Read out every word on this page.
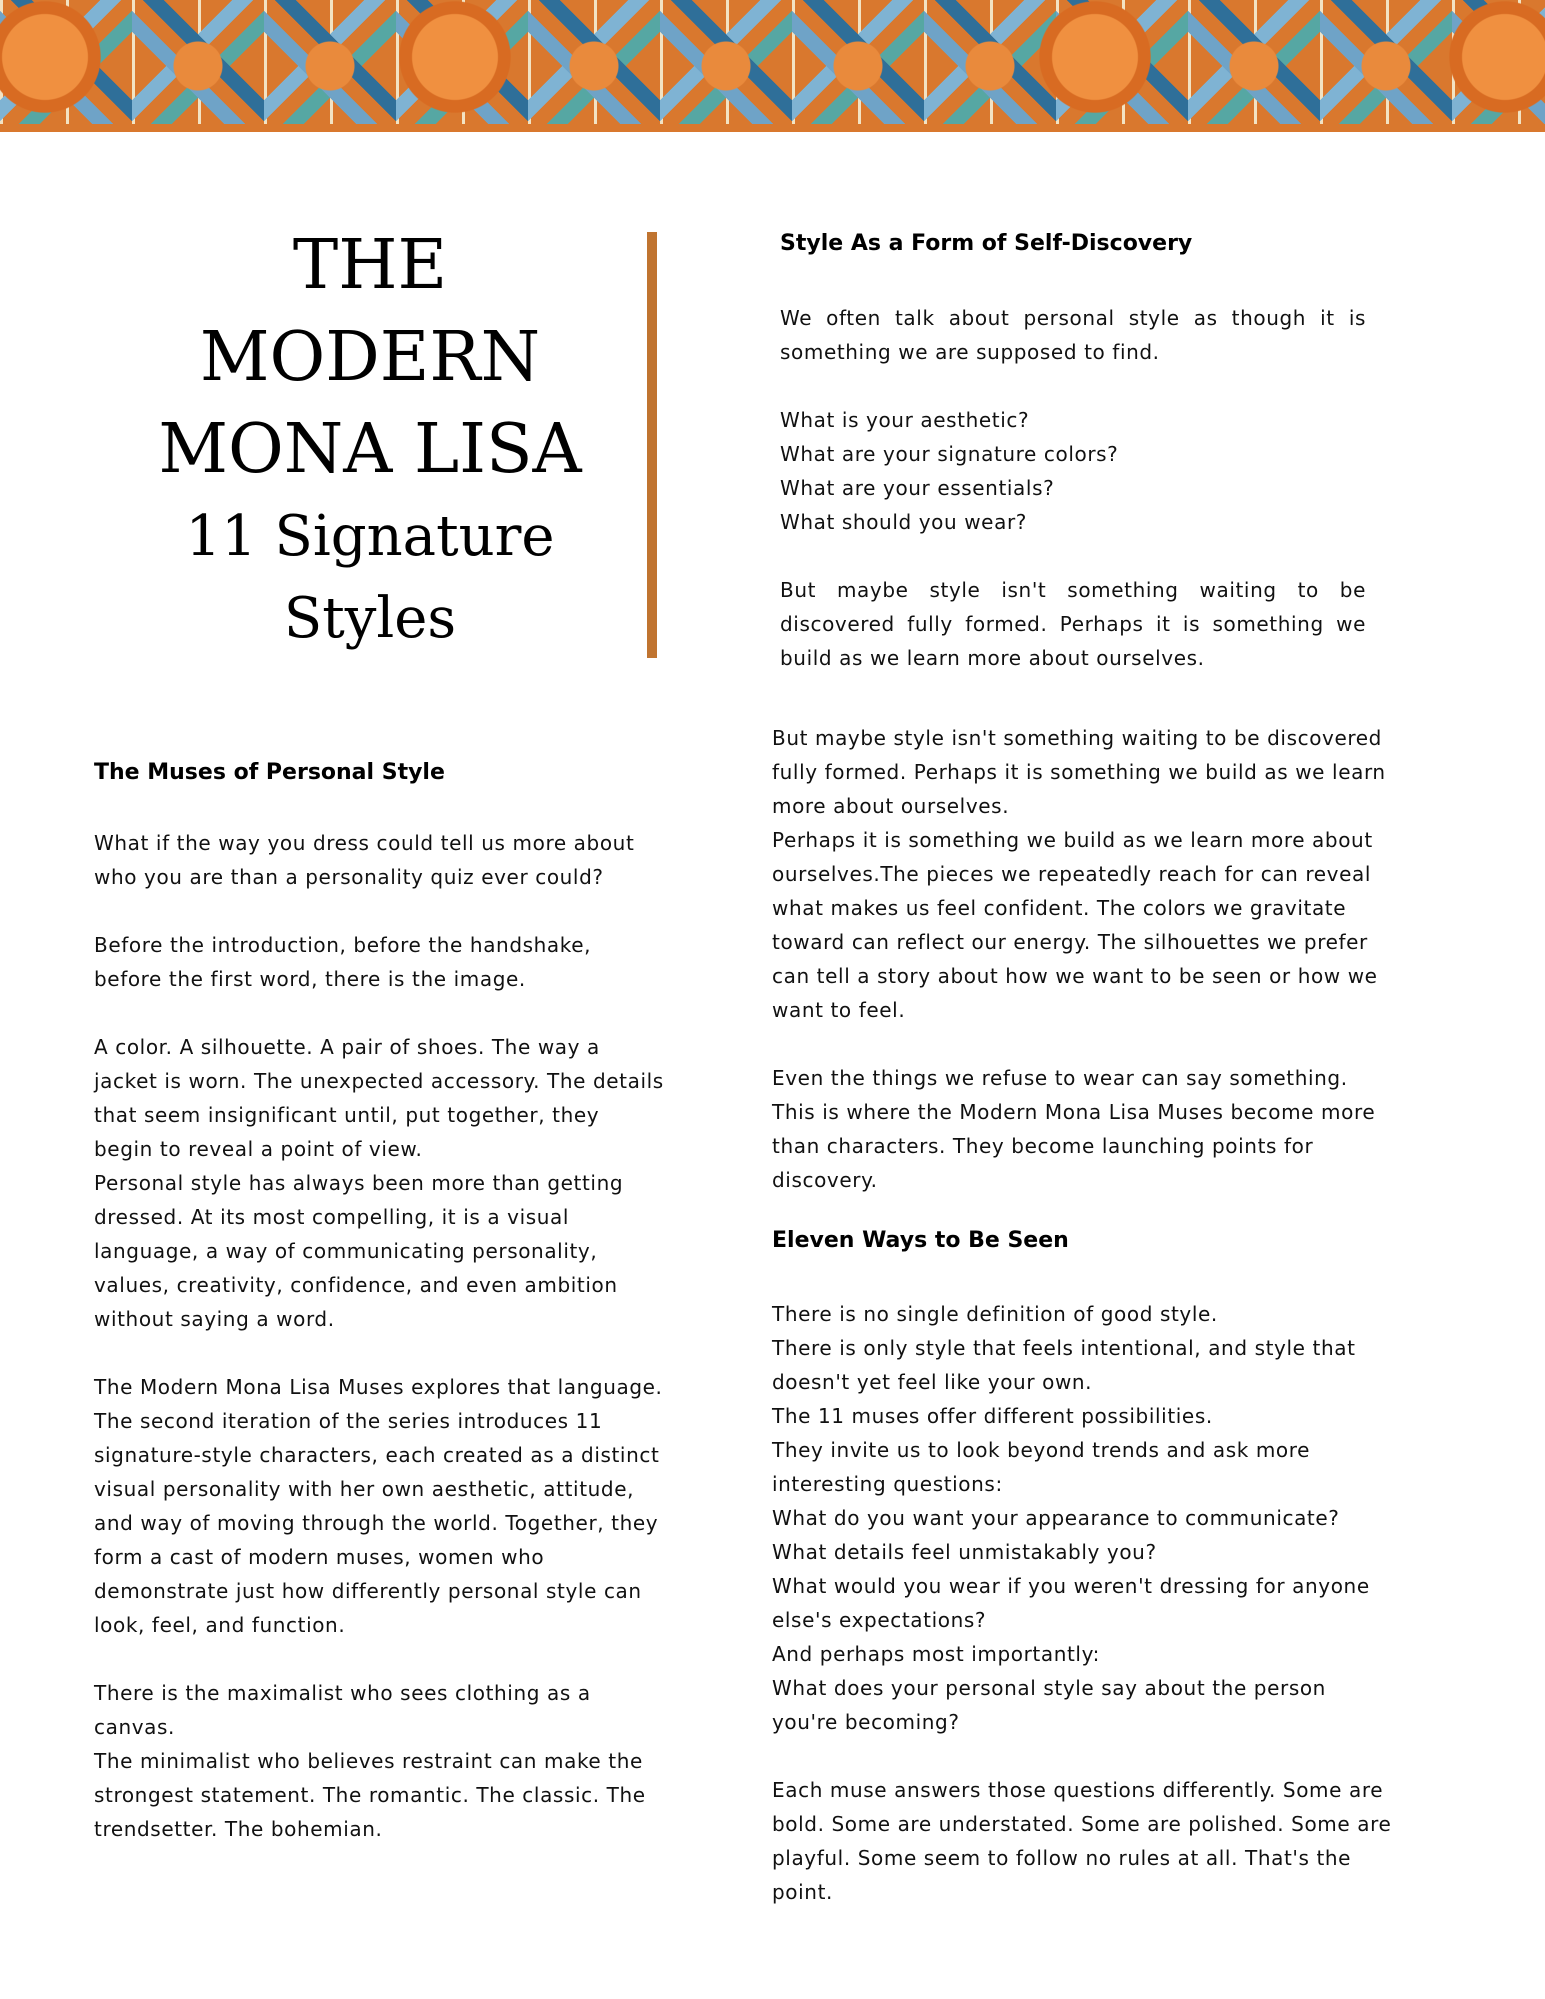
THE
MODERN
MONA LISA
11 Signature
Styles
Style As a Form of Self-Discovery

We often talk about personal style as though it is something we are supposed to find.

What is your aesthetic?

What are your signature colors?

What are your essentials?

What should you wear?

But maybe style isn't something waiting to be discovered fully formed. Perhaps it is something we build as we learn more about ourselves.

The Muses of Personal Style

What if the way you dress could tell us more about who you are than a personality quiz ever could?

Before the introduction, before the handshake, before the first word, there is the image.

A color. A silhouette. A pair of shoes. The way a jacket is worn. The unexpected accessory. The details that seem insignificant until, put together, they begin to reveal a point of view.

Personal style has always been more than getting dressed. At its most compelling, it is a visual language, a way of communicating personality, values, creativity, confidence, and even ambition without saying a word.

The Modern Mona Lisa Muses explores that language.

The second iteration of the series introduces 11 signature-style characters, each created as a distinct visual personality with her own aesthetic, attitude, and way of moving through the world. Together, they form a cast of modern muses, women who demonstrate just how differently personal style can look, feel, and function.

There is the maximalist who sees clothing as a canvas.

The minimalist who believes restraint can make the strongest statement. The romantic. The classic. The trendsetter. The bohemian.

But maybe style isn't something waiting to be discovered fully formed. Perhaps it is something we build as we learn more about ourselves.

Perhaps it is something we build as we learn more about ourselves.The pieces we repeatedly reach for can reveal what makes us feel confident. The colors we gravitate toward can reflect our energy. The silhouettes we prefer can tell a story about how we want to be seen or how we want to feel.

Even the things we refuse to wear can say something. This is where the Modern Mona Lisa Muses become more than characters. They become launching points for discovery.

Eleven Ways to Be Seen

There is no single definition of good style.

There is only style that feels intentional, and style that doesn't yet feel like your own.

The 11 muses offer different possibilities.

They invite us to look beyond trends and ask more interesting questions:

What do you want your appearance to communicate?

What details feel unmistakably you?

What would you wear if you weren't dressing for anyone else's expectations?

And perhaps most importantly:

What does your personal style say about the person you're becoming?

Each muse answers those questions differently. Some are bold. Some are understated. Some are polished. Some are playful. Some seem to follow no rules at all. That's the point.
